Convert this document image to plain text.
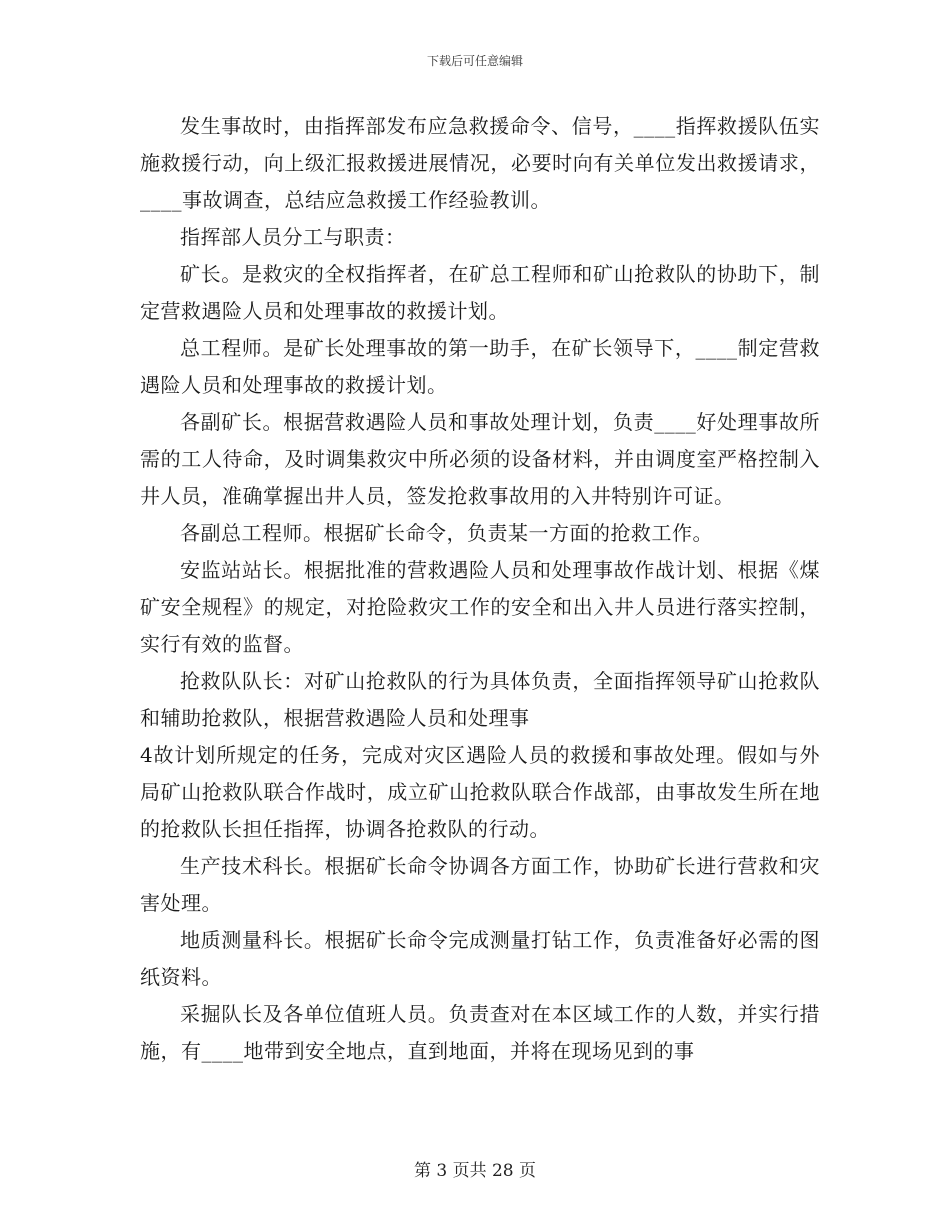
下载后可任意编辑

发生事故时，由指挥部发布应急救援命令、信号，____指挥救援队伍实施救援行动，向上级汇报救援进展情况，必要时向有关单位发出救援请求，____事故调查，总结应急救援工作经验教训。

指挥部人员分工与职责：

矿长。是救灾的全权指挥者，在矿总工程师和矿山抢救队的协助下，制定营救遇险人员和处理事故的救援计划。

总工程师。是矿长处理事故的第一助手，在矿长领导下，____制定营救遇险人员和处理事故的救援计划。

各副矿长。根据营救遇险人员和事故处理计划，负责____好处理事故所需的工人待命，及时调集救灾中所必须的设备材料，并由调度室严格控制入井人员，准确掌握出井人员，签发抢救事故用的入井特别许可证。

各副总工程师。根据矿长命令，负责某一方面的抢救工作。

安监站站长。根据批准的营救遇险人员和处理事故作战计划、根据《煤矿安全规程》的规定，对抢险救灾工作的安全和出入井人员进行落实控制，实行有效的监督。

抢救队队长：对矿山抢救队的行为具体负责，全面指挥领导矿山抢救队和辅助抢救队，根据营救遇险人员和处理事

4故计划所规定的任务，完成对灾区遇险人员的救援和事故处理。假如与外局矿山抢救队联合作战时，成立矿山抢救队联合作战部，由事故发生所在地的抢救队长担任指挥，协调各抢救队的行动。

生产技术科长。根据矿长命令协调各方面工作，协助矿长进行营救和灾害处理。

地质测量科长。根据矿长命令完成测量打钻工作，负责准备好必需的图纸资料。

采掘队长及各单位值班人员。负责查对在本区域工作的人数，并实行措施，有____地带到安全地点，直到地面，并将在现场见到的事

第 3 页共 28 页
